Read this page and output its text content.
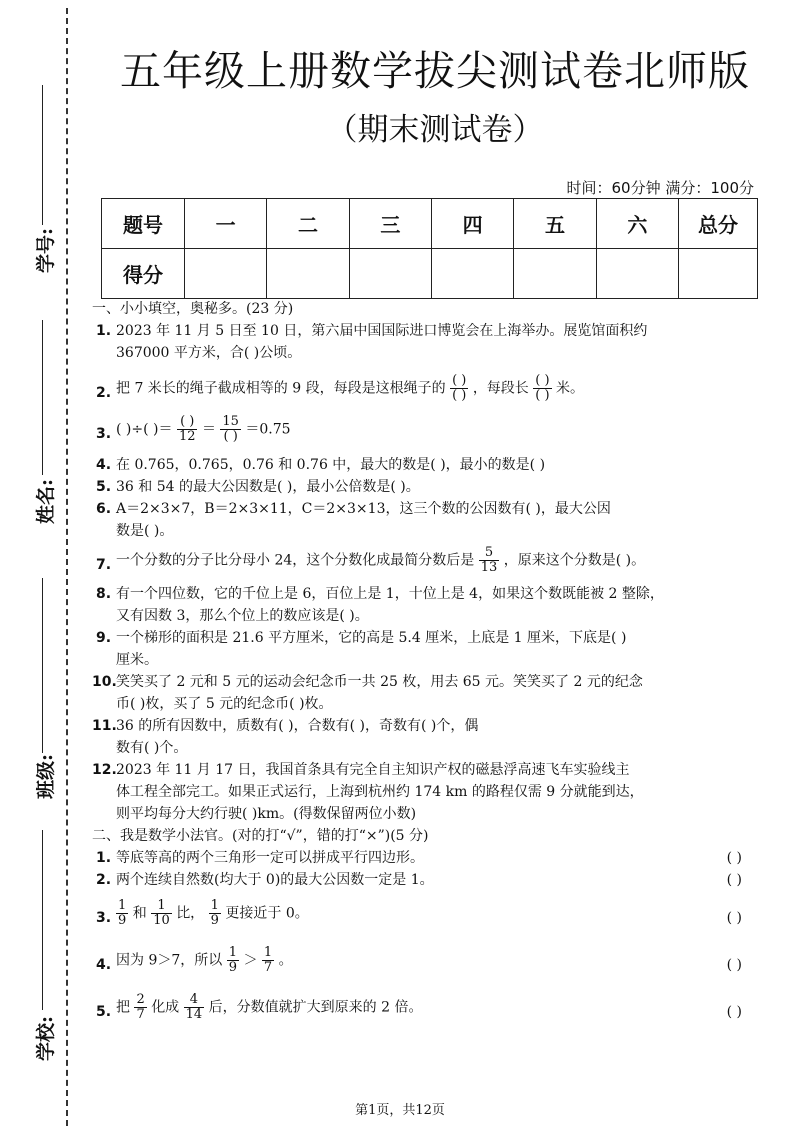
学号:
姓名:
班级:
学校:
五年级上册数学拔尖测试卷北师版
（期末测试卷）
时间：60分钟 满分：100分
题号	一	二	三	四	五	六	总分
得分							

一、小小填空，奥秘多。(23 分)

1. 2023 年 11 月 5 日至 10 日，第六届中国国际进口博览会在上海举办。展览馆面积约
367000 平方米，合( )公顷。
2. 把 7 米长的绳子截成相等的 9 段，每段是这根绳子的 $\frac{( )}{( )}$ ，每段长 $\frac{( )}{( )}$ 米。
3. ( )÷( )＝ $\frac{( )}{12} = \frac{15}{( )} =0.75$
4. 在 0.765，0.765，0.76 和 0.76 中，最大的数是( )，最小的数是( )
5. 36 和 54 的最大公因数是( )，最小公倍数是( )。
6. A＝2×3×7，B＝2×3×11，C＝2×3×13，这三个数的公因数有( )，最大公因
数是( )。
7. 一个分数的分子比分母小 24，这个分数化成最简分数后是 $\frac{5}{13}$ ，原来这个分数是( )。
8. 有一个四位数，它的千位上是 6，百位上是 1，十位上是 4，如果这个数既能被 2 整除，
又有因数 3，那么个位上的数应该是( )。
9. 一个梯形的面积是 21.6 平方厘米，它的高是 5.4 厘米，上底是 1 厘米，下底是( )
厘米。
10. 笑笑买了 2 元和 5 元的运动会纪念币一共 25 枚，用去 65 元。笑笑买了 2 元的纪念
币( )枚，买了 5 元的纪念币( )枚。
11. 36 的所有因数中，质数有( )，合数有( )，奇数有( )个，偶
数有( )个。
12. 2023 年 11 月 17 日，我国首条具有完全自主知识产权的磁悬浮高速飞车实验线主
体工程全部完工。如果正式运行，上海到杭州约 174 km 的路程仅需 9 分就能到达，
则平均每分大约行驶( )km。(得数保留两位小数)

二、我是数学小法官。(对的打“√”，错的打“×”)(5 分)

1. 等底等高的两个三角形一定可以拼成平行四边形。	( )
2. 两个连续自然数(均大于 0)的最大公因数一定是 1。	( )
3. $\frac{1}{9}$ 和 $\frac{1}{10}$ 比， $\frac{1}{9}$ 更接近于 0。	( )
4. 因为 9＞7，所以 $\frac{1}{9} > \frac{1}{7}$ 。	( )
5. 把 $\frac{2}{7}$ 化成 $\frac{4}{14}$ 后，分数值就扩大到原来的 2 倍。	( )
第1页，共12页
